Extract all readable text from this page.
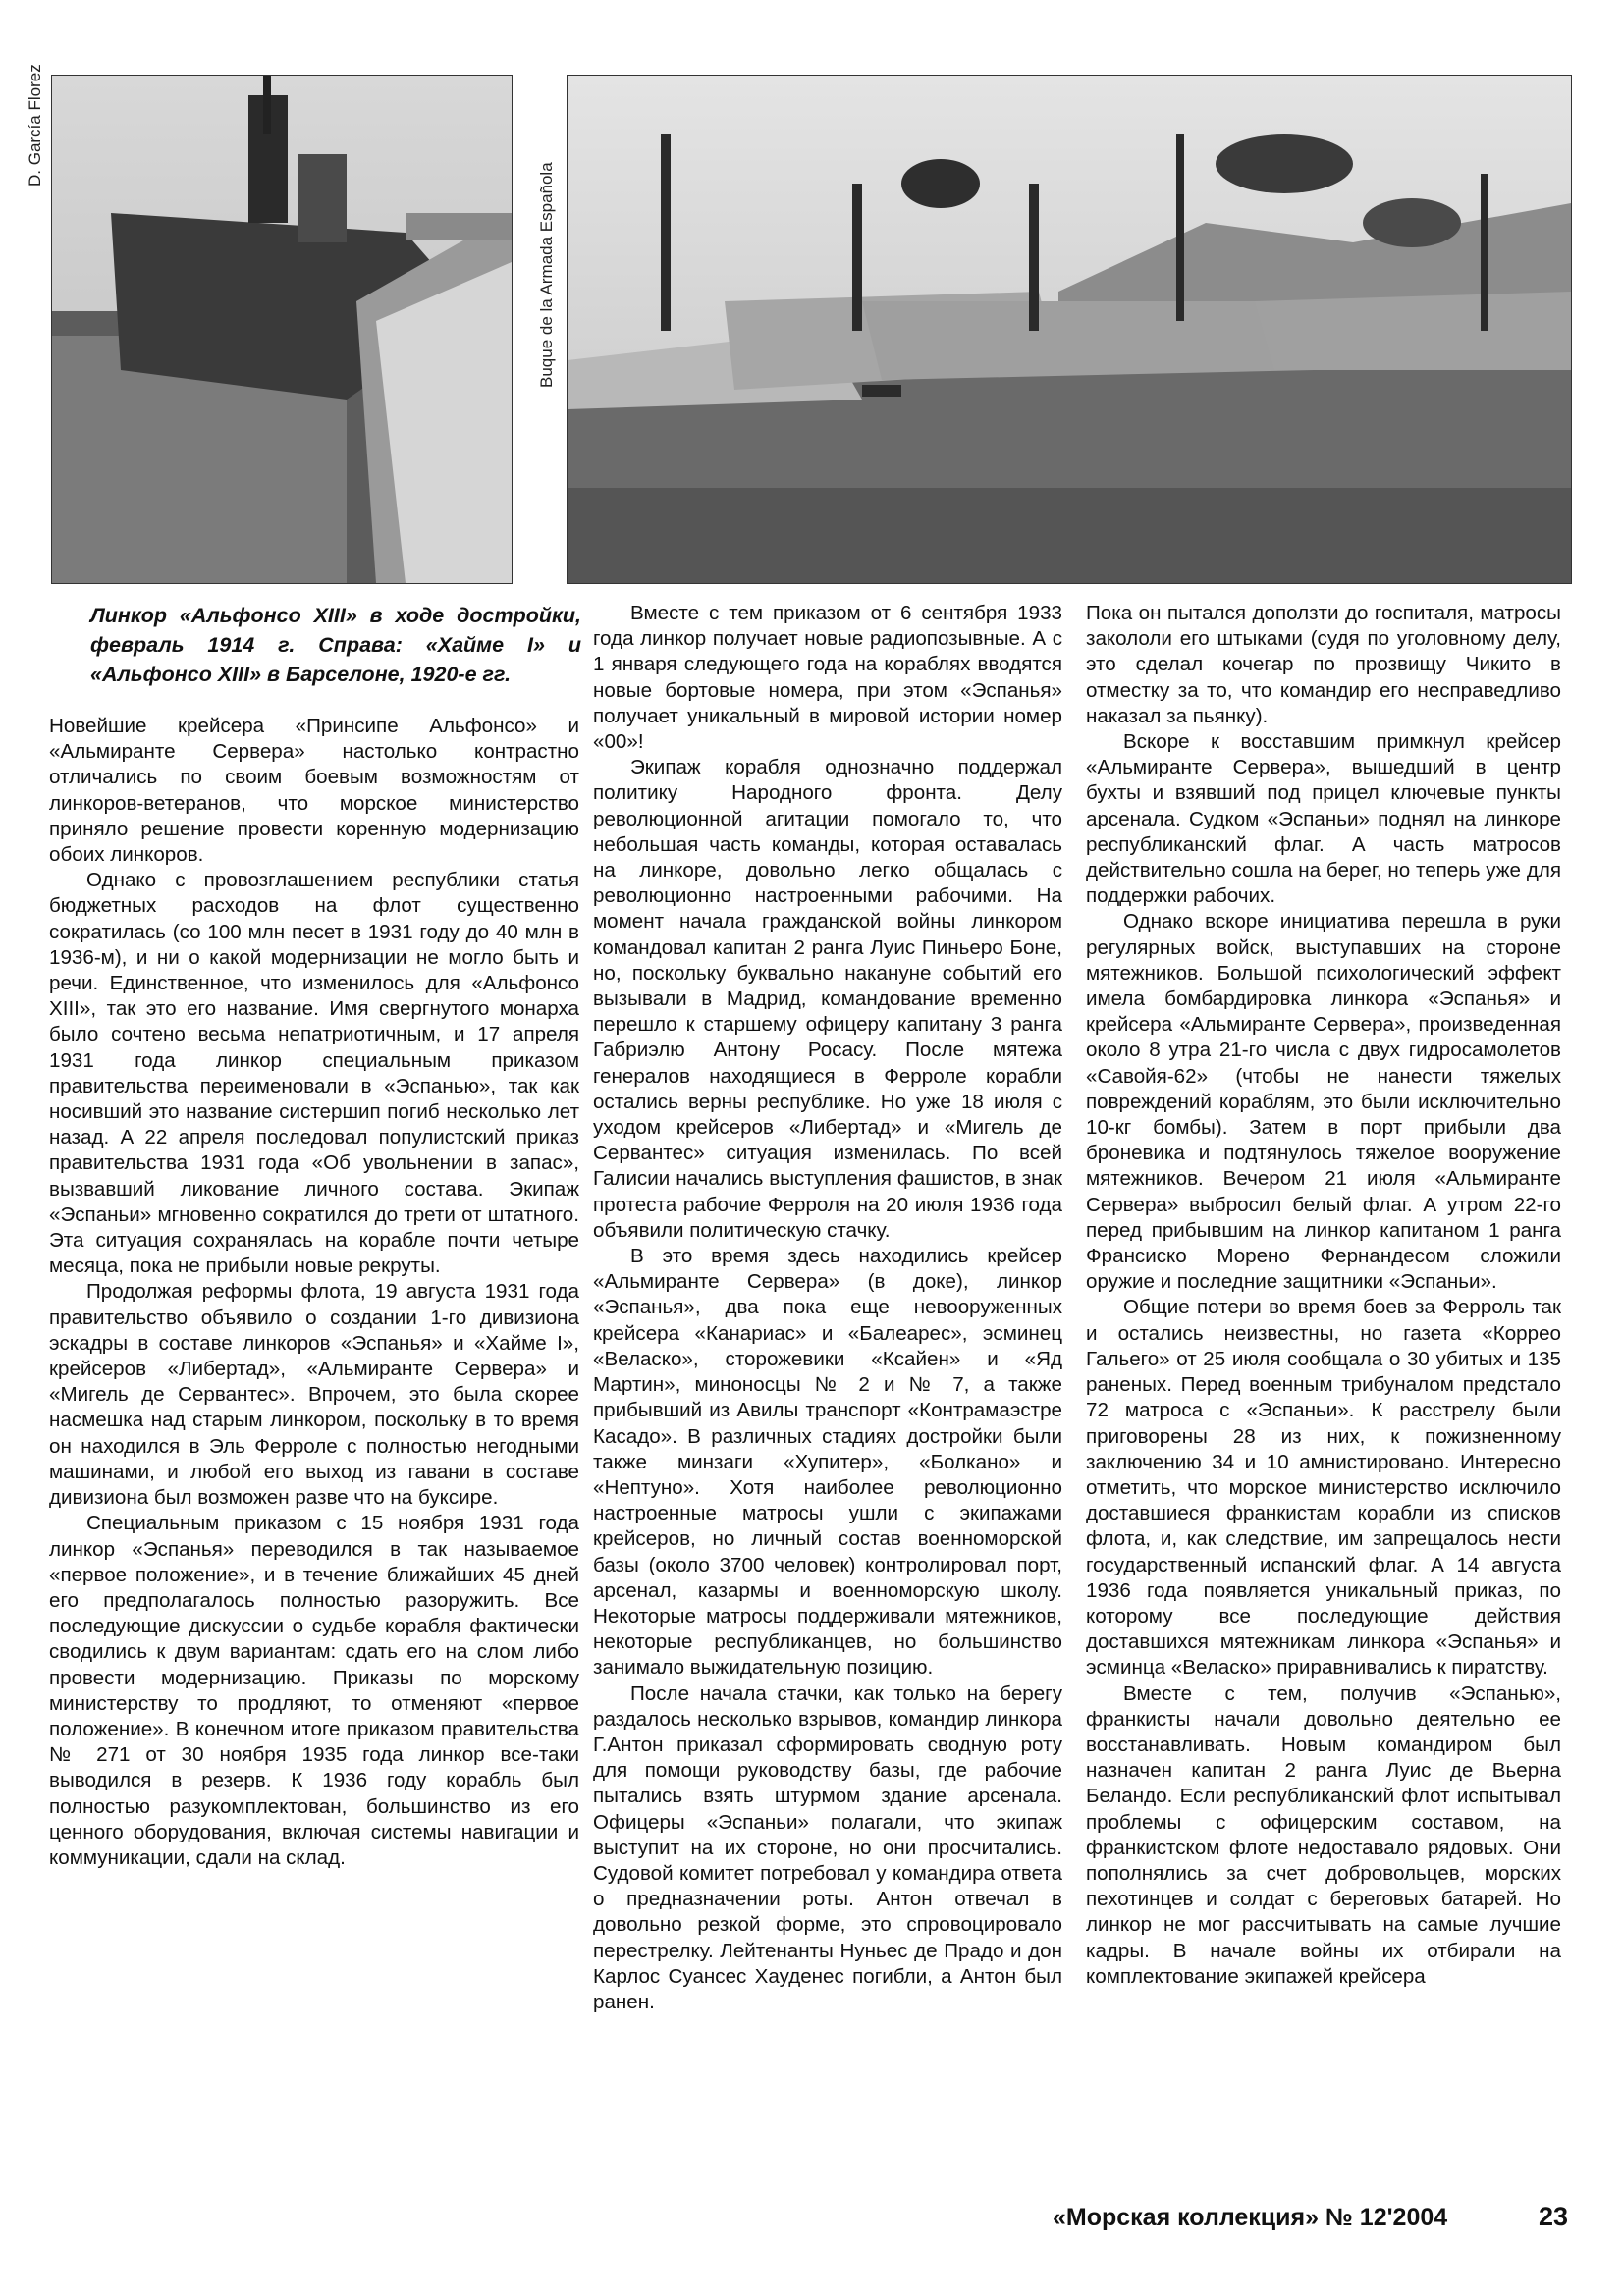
D. García Florez
Buque de la Armada Española
Линкор «Альфонсо XIII» в ходе достройки, февраль 1914 г. Справа: «Хайме I» и «Альфонсо XIII» в Барселоне, 1920-е гг.

Новейшие крейсера «Принсипе Альфонсо» и «Альмиранте Сервера» настолько контрастно отличались по своим боевым возможностям от линкоров-ветеранов, что морское министерство приняло решение провести коренную модернизацию обоих линкоров.

Однако с провозглашением республики статья бюджетных расходов на флот существенно сократилась (со 100 млн песет в 1931 году до 40 млн в 1936-м), и ни о какой модернизации не могло быть и речи. Единственное, что изменилось для «Альфонсо XIII», так это его название. Имя свергнутого монарха было сочтено весьма непатриотичным, и 17 апреля 1931 года линкор специальным приказом правительства переименовали в «Эспанью», так как носивший это название систершип погиб несколько лет назад. А 22 апреля последовал популистский приказ правительства 1931 года «Об увольнении в запас», вызвавший ликование личного состава. Экипаж «Эспаньи» мгновенно сократился до трети от штатного. Эта ситуация сохранялась на корабле почти четыре месяца, пока не прибыли новые рекруты.

Продолжая реформы флота, 19 августа 1931 года правительство объявило о создании 1-го дивизиона эскадры в составе линкоров «Эспанья» и «Хайме I», крейсеров «Либертад», «Альмиранте Сервера» и «Мигель де Сервантес». Впрочем, это была скорее насмешка над старым линкором, поскольку в то время он находился в Эль Ферроле с полностью негодными машинами, и любой его выход из гавани в составе дивизиона был возможен разве что на буксире.

Специальным приказом с 15 ноября 1931 года линкор «Эспанья» переводился в так называемое «первое положение», и в течение ближайших 45 дней его предполагалось полностью разоружить. Все последующие дискуссии о судьбе корабля фактически сводились к двум вариантам: сдать его на слом либо провести модернизацию. Приказы по морскому министерству то продляют, то отменяют «первое положение». В конечном итоге приказом правительства № 271 от 30 ноября 1935 года линкор все-таки выводился в резерв. К 1936 году корабль был полностью разукомплектован, большинство из его ценного оборудования, включая системы навигации и коммуникации, сдали на склад.

Вместе с тем приказом от 6 сентября 1933 года линкор получает новые радиопозывные. А с 1 января следующего года на кораблях вводятся новые бортовые номера, при этом «Эспанья» получает уникальный в мировой истории номер «00»!

Экипаж корабля однозначно поддержал политику Народного фронта. Делу революционной агитации помогало то, что небольшая часть команды, которая оставалась на линкоре, довольно легко общалась с революционно настроенными рабочими. На момент начала гражданской войны линкором командовал капитан 2 ранга Луис Пиньеро Боне, но, поскольку буквально накануне событий его вызывали в Мадрид, командование временно перешло к старшему офицеру капитану 3 ранга Габриэлю Антону Росасу. После мятежа генералов находящиеся в Ферроле корабли остались верны республике. Но уже 18 июля с уходом крейсеров «Либертад» и «Мигель де Сервантес» ситуация изменилась. По всей Галисии начались выступления фашистов, в знак протеста рабочие Ферроля на 20 июля 1936 года объявили политическую стачку.

В это время здесь находились крейсер «Альмиранте Сервера» (в доке), линкор «Эспанья», два пока еще невооруженных крейсера «Канариас» и «Балеарес», эсминец «Веласко», сторожевики «Ксайен» и «Яд Мартин», миноносцы № 2 и № 7, а также прибывший из Авилы транспорт «Контрамаэстре Касадо». В различных стадиях достройки были также минзаги «Хупитер», «Болкано» и «Нептуно». Хотя наиболее революционно настроенные матросы ушли с экипажами крейсеров, но личный состав военноморской базы (около 3700 человек) контролировал порт, арсенал, казармы и военноморскую школу. Некоторые матросы поддерживали мятежников, некоторые республиканцев, но большинство занимало выжидательную позицию.

После начала стачки, как только на берегу раздалось несколько взрывов, командир линкора Г.Антон приказал сформировать сводную роту для помощи руководству базы, где рабочие пытались взять штурмом здание арсенала. Офицеры «Эспаньи» полагали, что экипаж выступит на их стороне, но они просчитались. Судовой комитет потребовал у командира ответа о предназначении роты. Антон отвечал в довольно резкой форме, это спровоцировало перестрелку. Лейтенанты Нуньес де Прадо и дон Карлос Суансес Хауденес погибли, а Антон был ранен.

Пока он пытался доползти до госпиталя, матросы закололи его штыками (судя по уголовному делу, это сделал кочегар по прозвищу Чикито в отместку за то, что командир его несправедливо наказал за пьянку).

Вскоре к восставшим примкнул крейсер «Альмиранте Сервера», вышедший в центр бухты и взявший под прицел ключевые пункты арсенала. Судком «Эспаньи» поднял на линкоре республиканский флаг. А часть матросов действительно сошла на берег, но теперь уже для поддержки рабочих.

Однако вскоре инициатива перешла в руки регулярных войск, выступавших на стороне мятежников. Большой психологический эффект имела бомбардировка линкора «Эспанья» и крейсера «Альмиранте Сервера», произведенная около 8 утра 21-го числа с двух гидросамолетов «Савойя-62» (чтобы не нанести тяжелых повреждений кораблям, это были исключительно 10-кг бомбы). Затем в порт прибыли два броневика и подтянулось тяжелое вооружение мятежников. Вечером 21 июля «Альмиранте Сервера» выбросил белый флаг. А утром 22-го перед прибывшим на линкор капитаном 1 ранга Франсиско Морено Фернандесом сложили оружие и последние защитники «Эспаньи».

Общие потери во время боев за Ферроль так и остались неизвестны, но газета «Коррео Гальего» от 25 июля сообщала о 30 убитых и 135 раненых. Перед военным трибуналом предстало 72 матроса с «Эспаньи». К расстрелу были приговорены 28 из них, к пожизненному заключению 34 и 10 амнистировано. Интересно отметить, что морское министерство исключило доставшиеся франкистам корабли из списков флота, и, как следствие, им запрещалось нести государственный испанский флаг. А 14 августа 1936 года появляется уникальный приказ, по которому все последующие действия доставшихся мятежникам линкора «Эспанья» и эсминца «Веласко» приравнивались к пиратству.

Вместе с тем, получив «Эспанью», франкисты начали довольно деятельно ее восстанавливать. Новым командиром был назначен капитан 2 ранга Луис де Вьерна Беландо. Если республиканский флот испытывал проблемы с офицерским составом, на франкистском флоте недоставало рядовых. Они пополнялись за счет добровольцев, морских пехотинцев и солдат с береговых батарей. Но линкор не мог рассчитывать на самые лучшие кадры. В начале войны их отбирали на комплектование экипажей крейсера

«Морская коллекция» № 12'2004	23
